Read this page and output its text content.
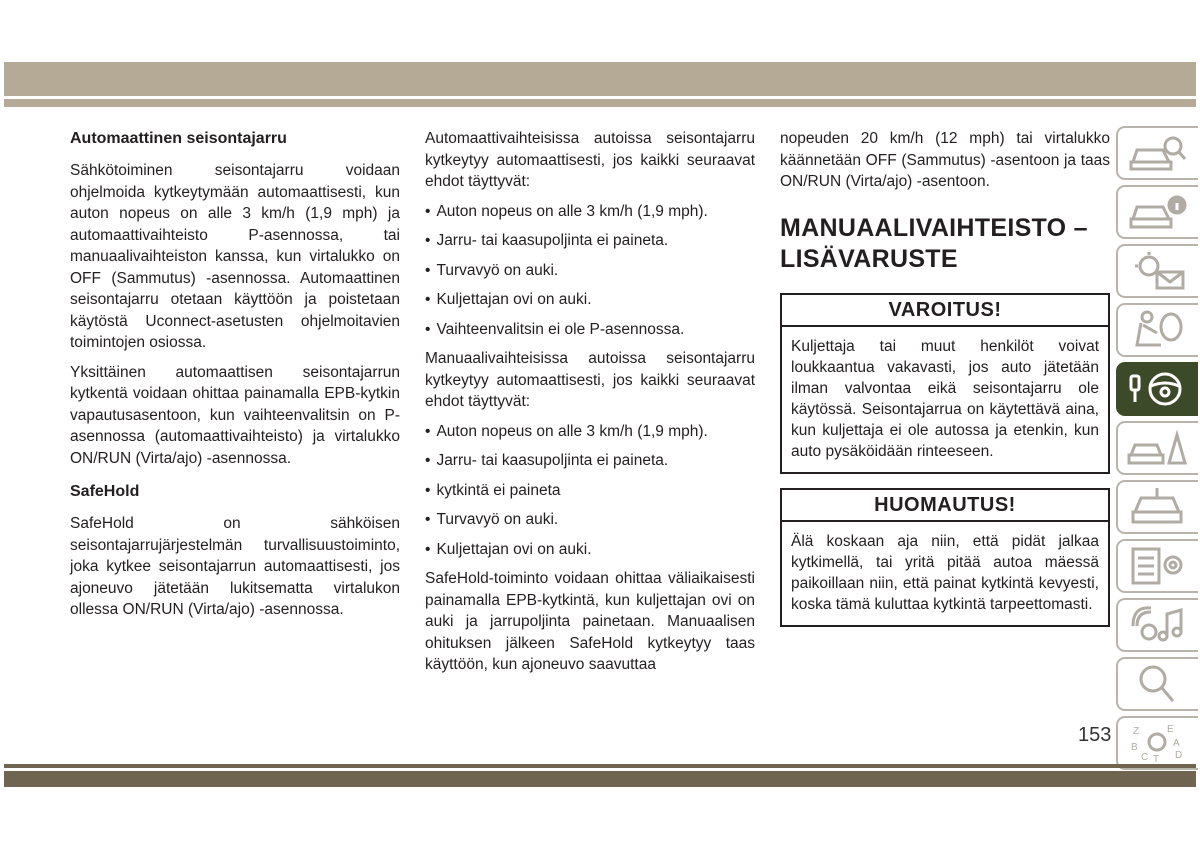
Automaattinen seisontajarru

Sähkötoiminen seisontajarru voidaan ohjelmoida kytkeytymään automaattisesti, kun auton nopeus on alle 3 km/h (1,9 mph) ja automaattivaihteisto P-asennossa, tai manuaalivaihteiston kanssa, kun virtalukko on OFF (Sammutus) -asennossa. Automaattinen seisontajarru otetaan käyttöön ja poistetaan käytöstä Uconnect-asetusten ohjelmoitavien toimintojen osiossa.

Yksittäinen automaattisen seisontajarrun kytkentä voidaan ohittaa painamalla EPB-kytkin vapautusasentoon, kun vaihteenvalitsin on P-asennossa (automaattivaihteisto) ja virtalukko ON/RUN (Virta/ajo) -asennossa.

SafeHold

SafeHold on sähköisen seisontajarrujärjestelmän turvallisuustoiminto, joka kytkee seisontajarrun automaattisesti, jos ajoneuvo jätetään lukitsematta virtalukon ollessa ON/RUN (Virta/ajo) -asennossa.

Automaattivaihteisissa autoissa seisontajarru kytkeytyy automaattisesti, jos kaikki seuraavat ehdot täyttyvät:

• Auton nopeus on alle 3 km/h (1,9 mph).
• Jarru- tai kaasupoljinta ei paineta.
• Turvavyö on auki.
• Kuljettajan ovi on auki.
• Vaihteenvalitsin ei ole P-asennossa.

Manuaalivaihteisissa autoissa seisontajarru kytkeytyy automaattisesti, jos kaikki seuraavat ehdot täyttyvät:

• Auton nopeus on alle 3 km/h (1,9 mph).
• Jarru- tai kaasupoljinta ei paineta.
• kytkintä ei paineta
• Turvavyö on auki.
• Kuljettajan ovi on auki.

SafeHold-toiminto voidaan ohittaa väliaikaisesti painamalla EPB-kytkintä, kun kuljettajan ovi on auki ja jarrupoljinta painetaan. Manuaalisen ohituksen jälkeen SafeHold kytkeytyy taas käyttöön, kun ajoneuvo saavuttaa

nopeuden 20 km/h (12 mph) tai virtalukko käännetään OFF (Sammutus) -asentoon ja taas ON/RUN (Virta/ajo) -asentoon.

MANUAALIVAIHTEISTO – LISÄVARUSTE
VAROITUS!
Kuljettaja tai muut henkilöt voivat loukkaantua vakavasti, jos auto jätetään ilman valvontaa eikä seisontajarru ole käytössä. Seisontajarrua on käytettävä aina, kun kuljettaja ei ole autossa ja etenkin, kun auto pysäköidään rinteeseen.
HUOMAUTUS!
Älä koskaan aja niin, että pidät jalkaa kytkimellä, tai yritä pitää autoa mäessä paikoillaan niin, että painat kytkintä kevyesti, koska tämä kuluttaa kytkintä tarpeettomasti.
Z	E
B	A
D
C T
153
